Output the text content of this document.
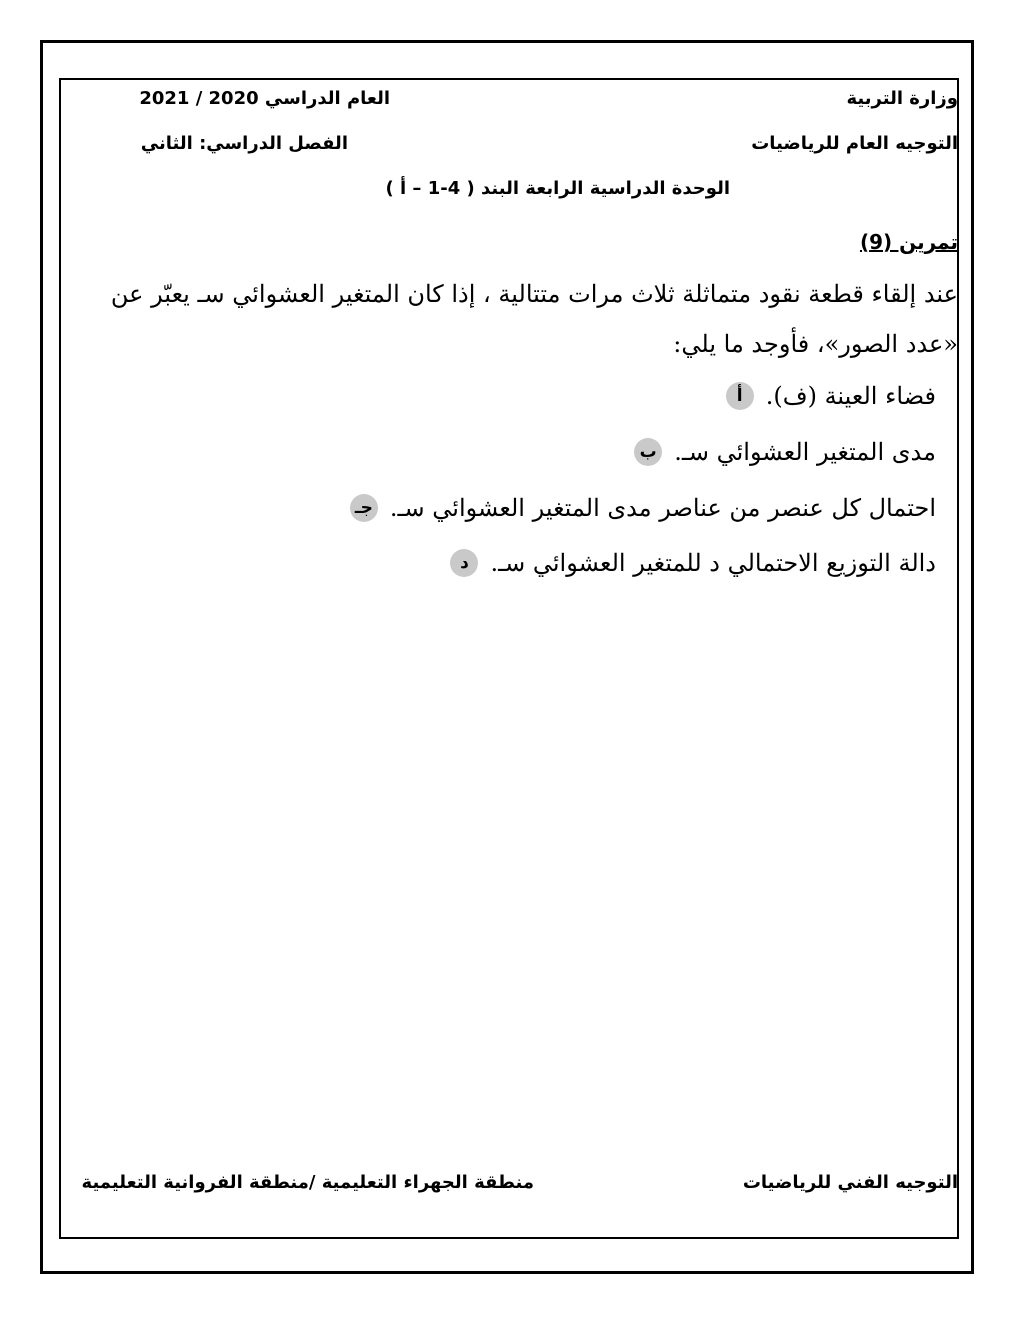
وزارة التربية
التوجيه العام للرياضيات
العام الدراسي 2021 / 2020
الفصل الدراسي: الثاني
الوحدة الدراسية الرابعة البند ( 4-1 – أ )
تمرين (9)
عند إلقاء قطعة نقود متماثلة ثلاث مرات متتالية ، إذا كان المتغير العشوائي سـ يعبّر عن
«عدد الصور»، فأوجد ما يلي:
أ فضاء العينة (ف).
ب مدى المتغير العشوائي سـ.
جـ احتمال كل عنصر من عناصر مدى المتغير العشوائي سـ.
د دالة التوزيع الاحتمالي د للمتغير العشوائي سـ.
التوجيه الفني للرياضيات
منطقة الجهراء التعليمية /منطقة الفروانية التعليمية
